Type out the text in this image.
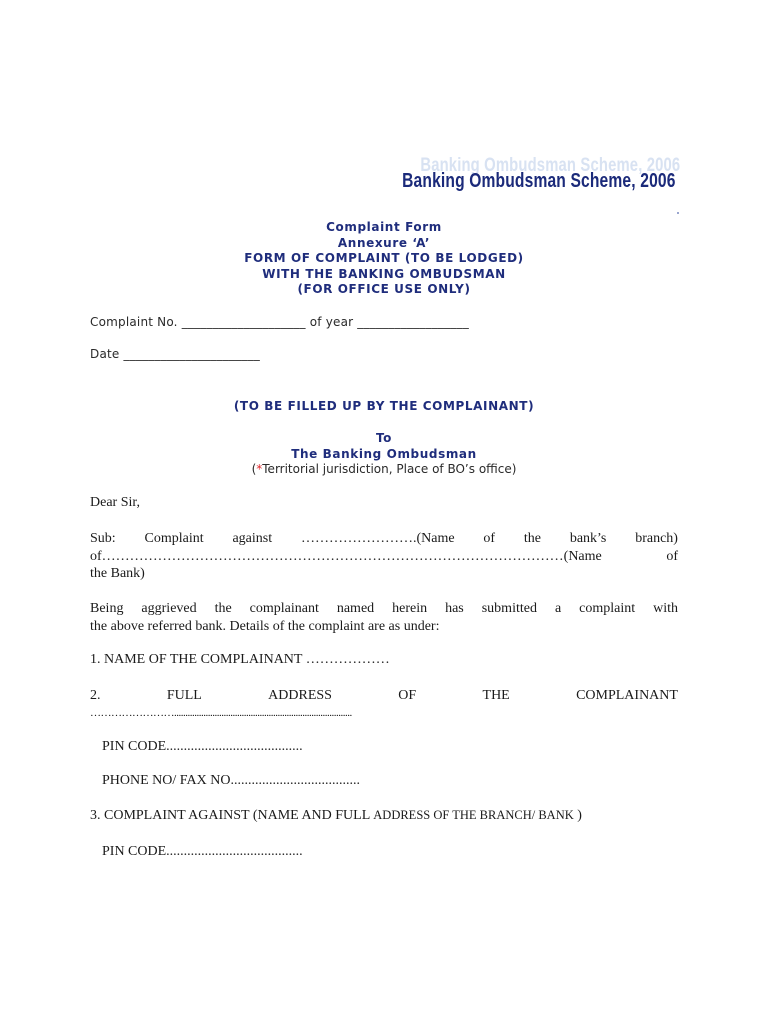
Banking Ombudsman Scheme, 2006
Banking Ombudsman Scheme, 2006
Complaint Form
Annexure ‘A’
FORM OF COMPLAINT (TO BE LODGED)
WITH THE BANKING OMBUDSMAN
(FOR OFFICE USE ONLY)
Complaint No. ____________________ of year __________________
Date ______________________
(TO BE FILLED UP BY THE COMPLAINANT)
To
The Banking Ombudsman
(*Territorial jurisdiction, Place of BO’s office)
Dear Sir,
Sub: Complaint against …………………….(Name of the bank’s branch)
of………………………………………………………………………………………(Name	of
the Bank)
Being aggrieved the complainant named herein has submitted a complaint with
the above referred bank. Details of the complaint are as under:
1. NAME OF THE COMPLAINANT ………………
2.	FULL	ADDRESS	OF	THE	COMPLAINANT
……………………...............................................................................
PIN CODE.......................................
PHONE NO/ FAX NO.....................................
3. COMPLAINT AGAINST (NAME AND FULL ADDRESS OF THE BRANCH/ BANK )
PIN CODE.......................................
